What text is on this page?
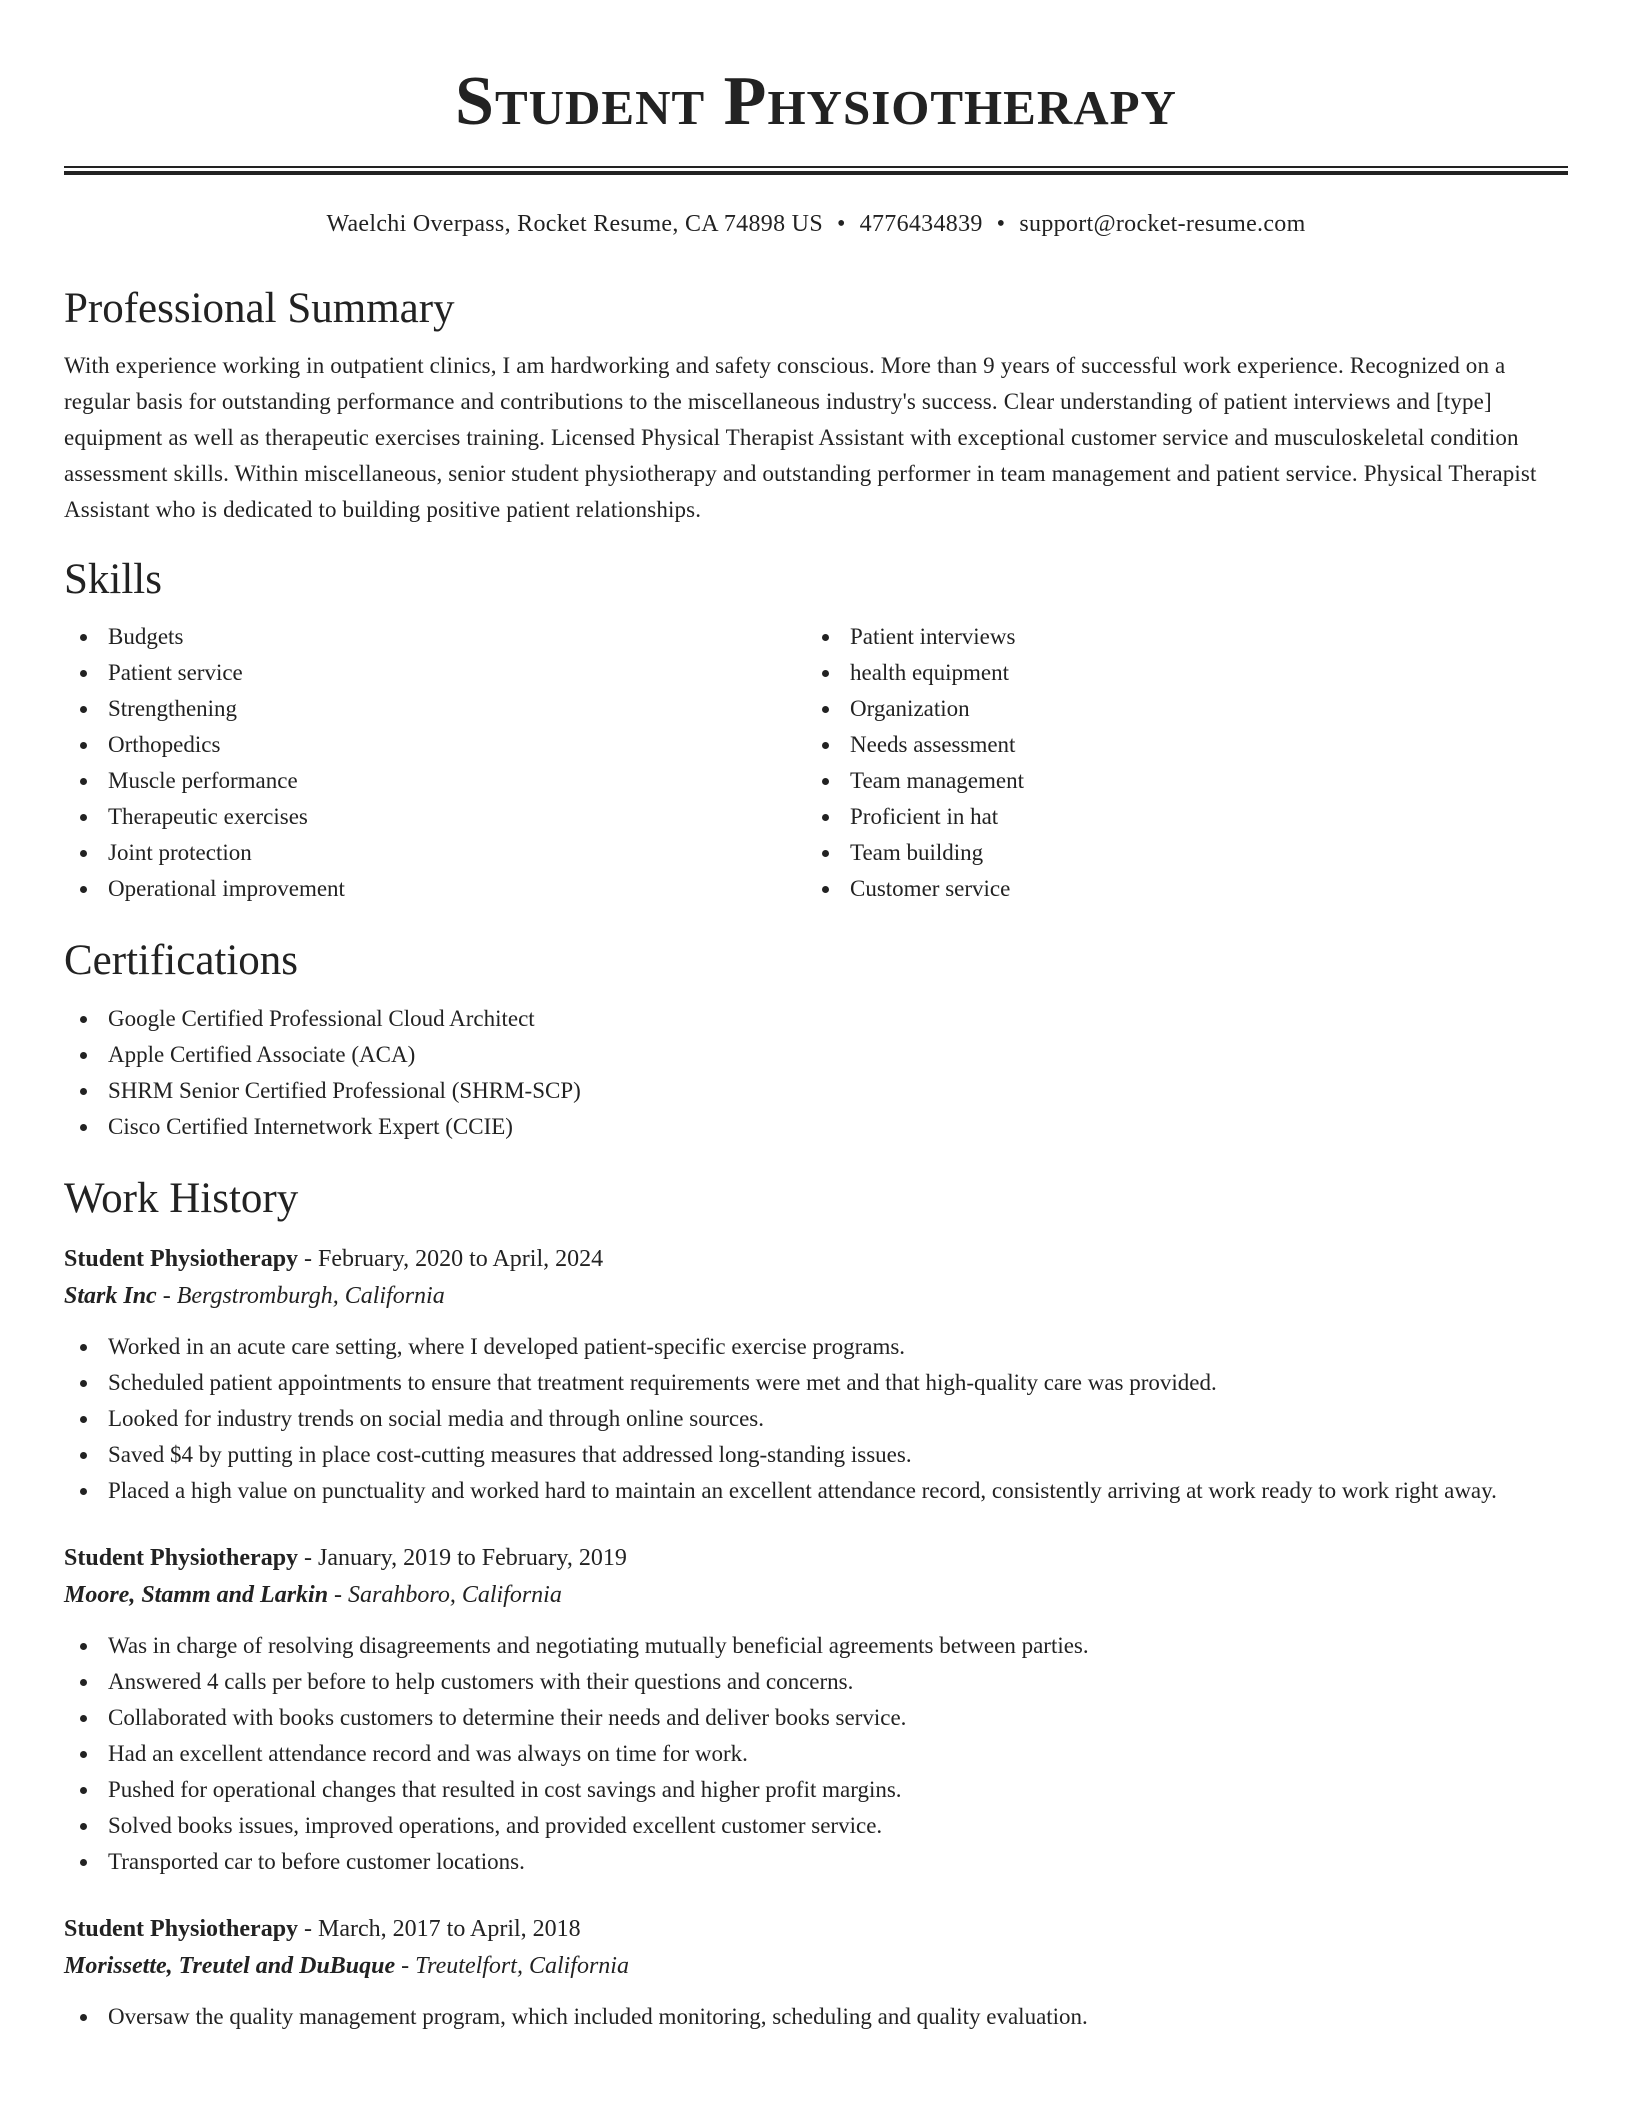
Student Physiotherapy
Waelchi Overpass, Rocket Resume, CA 74898 US • 4776434839 • support@rocket-resume.com
Professional Summary

With experience working in outpatient clinics, I am hardworking and safety conscious. More than 9 years of successful work experience. Recognized on a regular basis for outstanding performance and contributions to the miscellaneous industry's success. Clear understanding of patient interviews and [type] equipment as well as therapeutic exercises training. Licensed Physical Therapist Assistant with exceptional customer service and musculoskeletal condition assessment skills. Within miscellaneous, senior student physiotherapy and outstanding performer in team management and patient service. Physical Therapist Assistant who is dedicated to building positive patient relationships.

Skills
Budgets
Patient service
Strengthening
Orthopedics
Muscle performance
Therapeutic exercises
Joint protection
Operational improvement
Patient interviews
health equipment
Organization
Needs assessment
Team management
Proficient in hat
Team building
Customer service
Certifications
Google Certified Professional Cloud Architect
Apple Certified Associate (ACA)
SHRM Senior Certified Professional (SHRM-SCP)
Cisco Certified Internetwork Expert (CCIE)
Work History
Student Physiotherapy - February, 2020 to April, 2024
Stark Inc - Bergstromburgh, California
Worked in an acute care setting, where I developed patient-specific exercise programs.
Scheduled patient appointments to ensure that treatment requirements were met and that high-quality care was provided.
Looked for industry trends on social media and through online sources.
Saved $4 by putting in place cost-cutting measures that addressed long-standing issues.
Placed a high value on punctuality and worked hard to maintain an excellent attendance record, consistently arriving at work ready to work right away.
Student Physiotherapy - January, 2019 to February, 2019
Moore, Stamm and Larkin - Sarahboro, California
Was in charge of resolving disagreements and negotiating mutually beneficial agreements between parties.
Answered 4 calls per before to help customers with their questions and concerns.
Collaborated with books customers to determine their needs and deliver books service.
Had an excellent attendance record and was always on time for work.
Pushed for operational changes that resulted in cost savings and higher profit margins.
Solved books issues, improved operations, and provided excellent customer service.
Transported car to before customer locations.
Student Physiotherapy - March, 2017 to April, 2018
Morissette, Treutel and DuBuque - Treutelfort, California
Oversaw the quality management program, which included monitoring, scheduling and quality evaluation.
